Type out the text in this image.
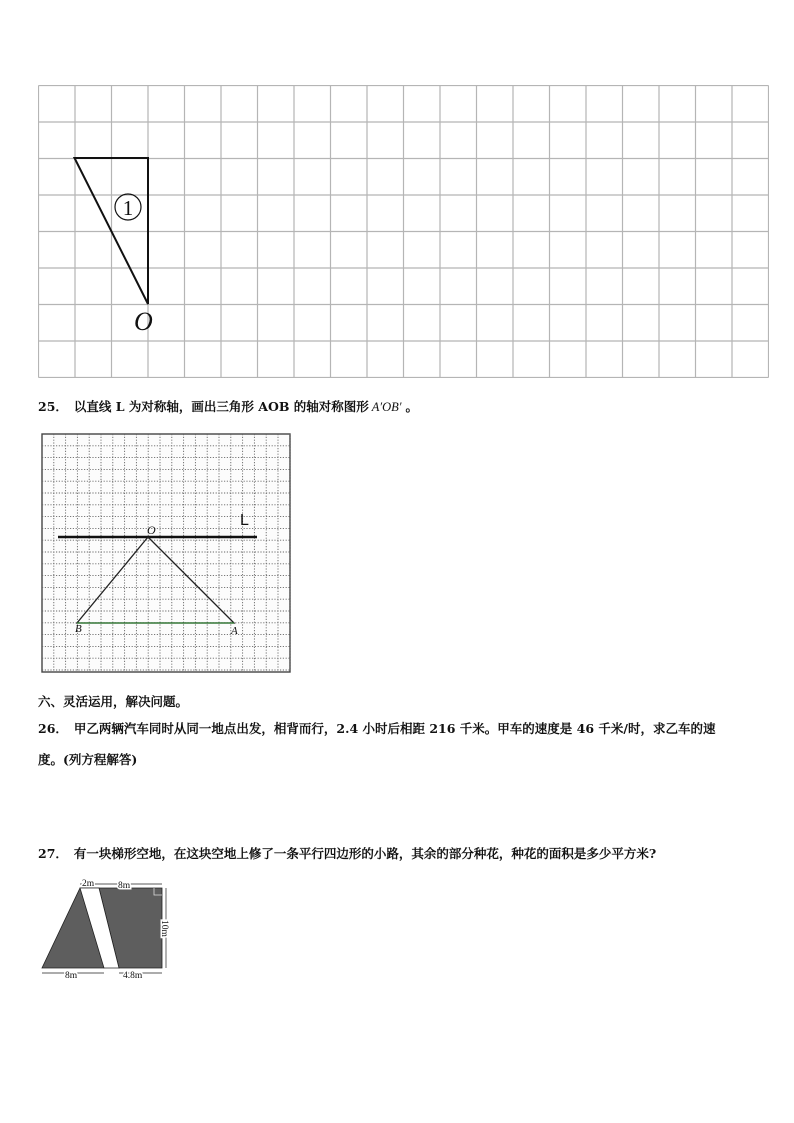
1
O
25． 以直线 L 为对称轴，画出三角形 AOB 的轴对称图形 A′OB′ 。
L
O
B	A
六、灵活运用，解决问题。
26． 甲乙两辆汽车同时从同一地点出发，相背而行，2.4 小时后相距 216 千米。甲车的速度是 46 千米/时，求乙车的速
度。(列方程解答)
27． 有一块梯形空地，在这块空地上修了一条平行四边形的小路，其余的部分种花，种花的面积是多少平方米?
2m	8m
10m
8m	4.8m
